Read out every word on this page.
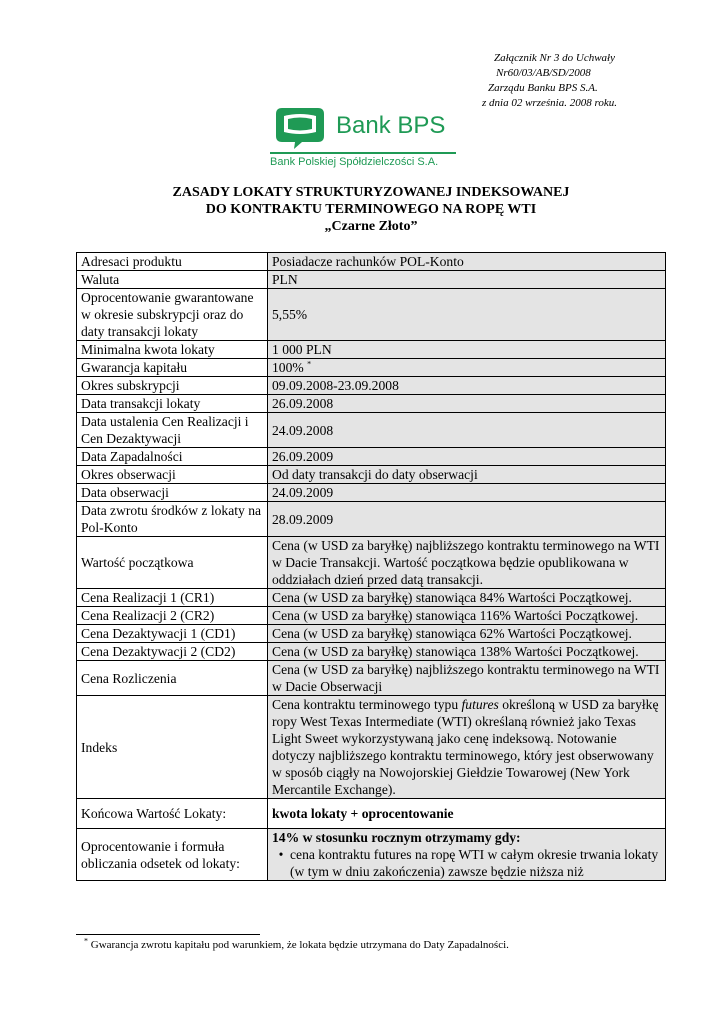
Załącznik Nr 3 do Uchwały
Nr60/03/AB/SD/2008
Zarządu Banku BPS S.A.
z dnia 02 września. 2008 roku.
Bank BPS
Bank Polskiej Spółdzielczości S.A.
ZASADY LOKATY STRUKTURYZOWANEJ INDEKSOWANEJ
DO KONTRAKTU TERMINOWEGO NA ROPĘ WTI
„Czarne Złoto”
Adresaci produktu	Posiadacze rachunków POL-Konto
Waluta	PLN
Oprocentowanie gwarantowane w okresie subskrypcji oraz do daty transakcji lokaty	5,55%
Minimalna kwota lokaty	1 000 PLN
Gwarancja kapitału	100% *
Okres subskrypcji	09.09.2008-23.09.2008
Data transakcji lokaty	26.09.2008
Data ustalenia Cen Realizacji i Cen Dezaktywacji	24.09.2008
Data Zapadalności	26.09.2009
Okres obserwacji	Od daty transakcji do daty obserwacji
Data obserwacji	24.09.2009
Data zwrotu środków z lokaty na Pol-Konto	28.09.2009
Wartość początkowa	Cena (w USD za baryłkę) najbliższego kontraktu terminowego na WTI w Dacie Transakcji. Wartość początkowa będzie opublikowana w oddziałach dzień przed datą transakcji.
Cena Realizacji 1 (CR1)	Cena (w USD za baryłkę) stanowiąca 84% Wartości Początkowej.
Cena Realizacji 2 (CR2)	Cena (w USD za baryłkę) stanowiąca 116% Wartości Początkowej.
Cena Dezaktywacji 1 (CD1)	Cena (w USD za baryłkę) stanowiąca 62% Wartości Początkowej.
Cena Dezaktywacji 2 (CD2)	Cena (w USD za baryłkę) stanowiąca 138% Wartości Początkowej.
Cena Rozliczenia	Cena (w USD za baryłkę) najbliższego kontraktu terminowego na WTI w Dacie Obserwacji
Indeks	Cena kontraktu terminowego typu futures określoną w USD za baryłkę ropy West Texas Intermediate (WTI) określaną również jako Texas Light Sweet wykorzystywaną jako cenę indeksową. Notowanie dotyczy najbliższego kontraktu terminowego, który jest obserwowany w sposób ciągły na Nowojorskiej Giełdzie Towarowej (New York Mercantile Exchange).
Końcowa Wartość Lokaty:	kwota lokaty + oprocentowanie
Oprocentowanie i formuła obliczania odsetek od lokaty:	14% w stosunku rocznym otrzymamy gdy:
• cena kontraktu futures na ropę WTI w całym okresie trwania lokaty (w tym w dniu zakończenia) zawsze będzie niższa niż
* Gwarancja zwrotu kapitału pod warunkiem, że lokata będzie utrzymana do Daty Zapadalności.
